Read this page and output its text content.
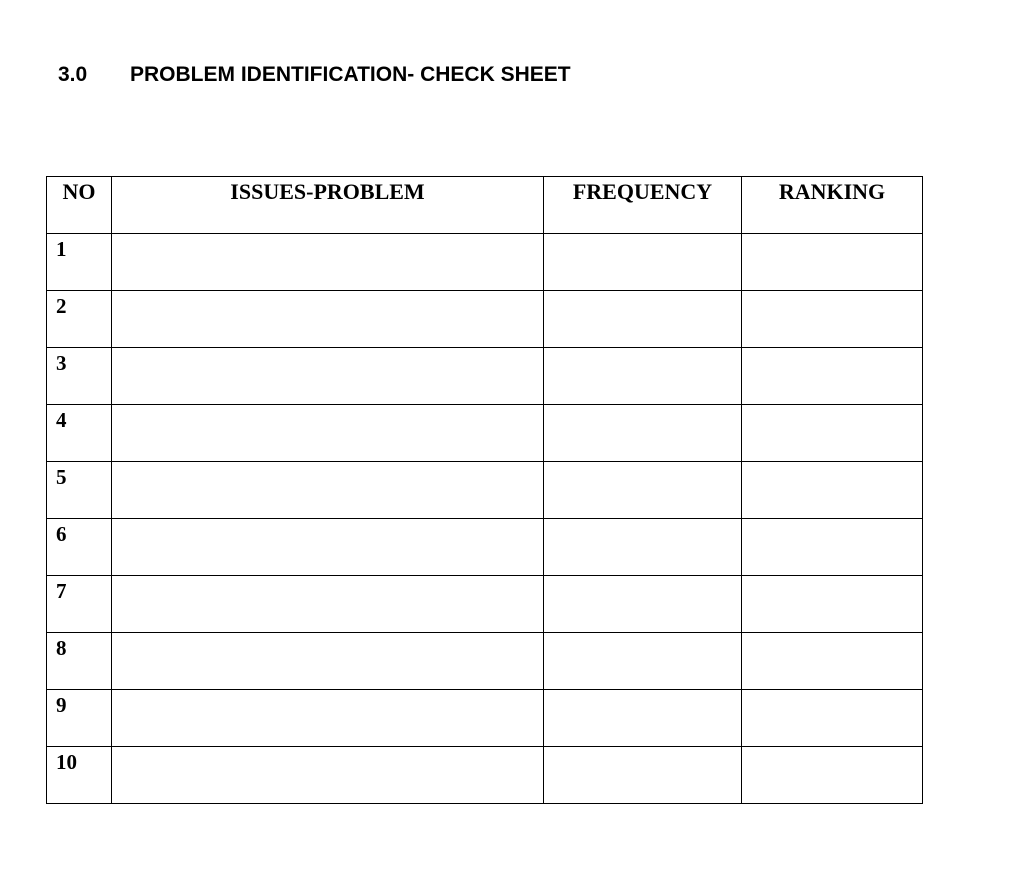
3.0 PROBLEM IDENTIFICATION- CHECK SHEET
NO	ISSUES-PROBLEM	FREQUENCY	RANKING
1			
2			
3			
4			
5			
6			
7			
8			
9			
10			
